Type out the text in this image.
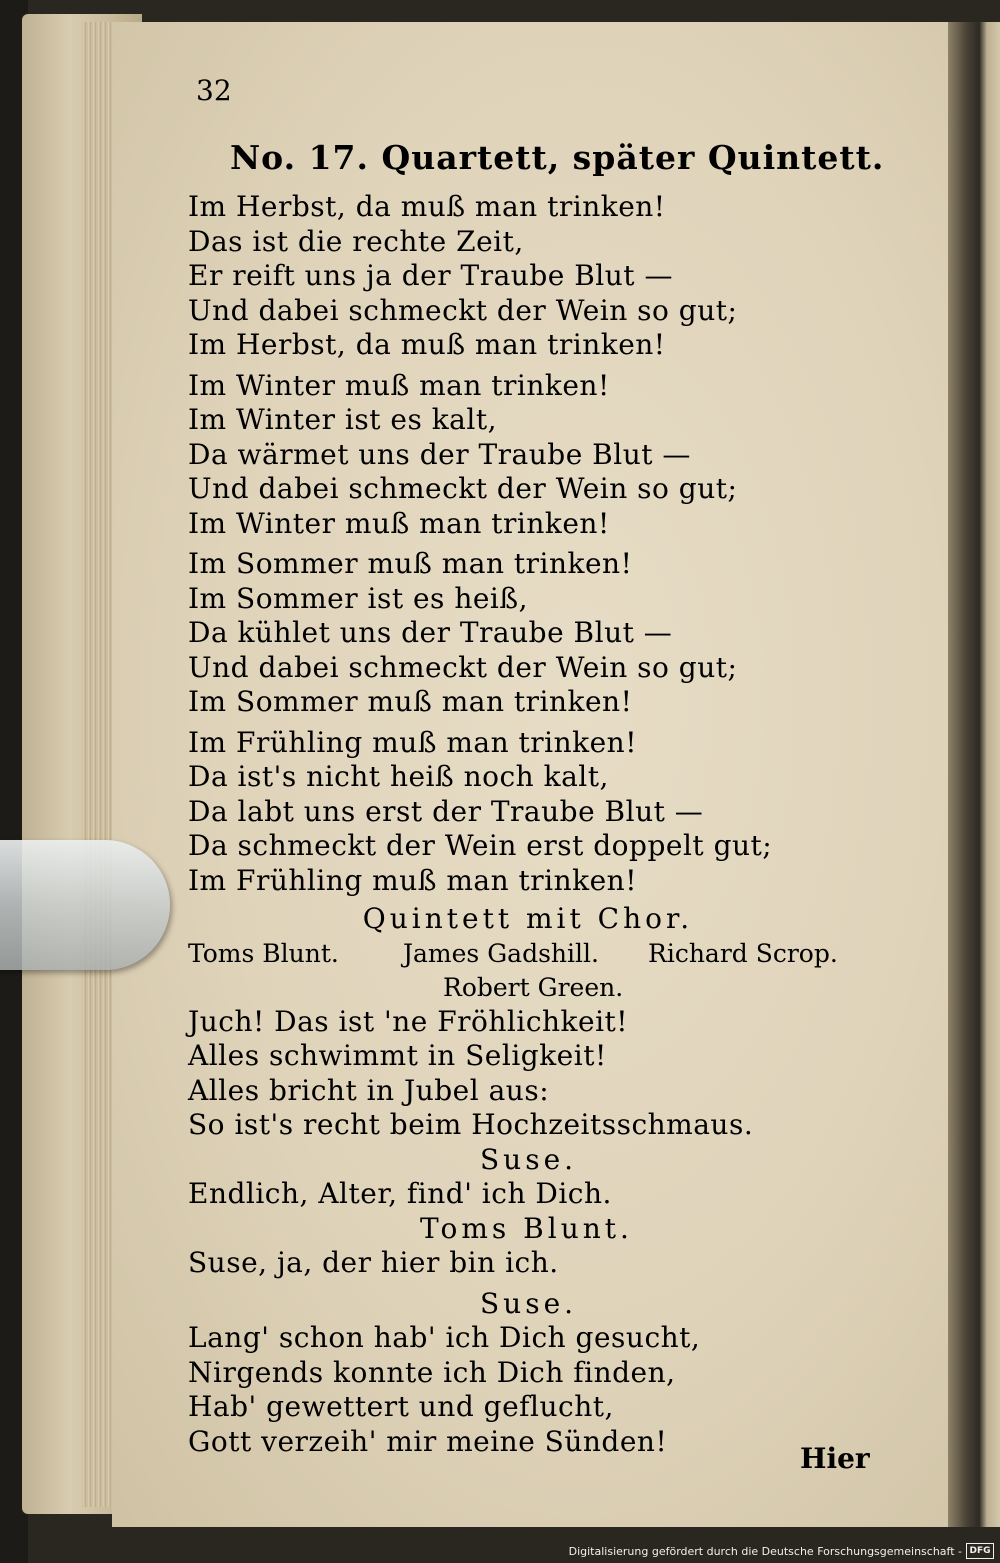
32
No. 17. Quartett, später Quintett.
Im Herbst, da muß man trinken!
Das ist die rechte Zeit,
Er reift uns ja der Traube Blut —
Und dabei schmeckt der Wein so gut;
Im Herbst, da muß man trinken!
Im Winter muß man trinken!
Im Winter ist es kalt,
Da wärmet uns der Traube Blut —
Und dabei schmeckt der Wein so gut;
Im Winter muß man trinken!
Im Sommer muß man trinken!
Im Sommer ist es heiß,
Da kühlet uns der Traube Blut —
Und dabei schmeckt der Wein so gut;
Im Sommer muß man trinken!
Im Frühling muß man trinken!
Da ist's nicht heiß noch kalt,
Da labt uns erst der Traube Blut —
Da schmeckt der Wein erst doppelt gut;
Im Frühling muß man trinken!
Quintett mit Chor.
Toms Blunt.	James Gadshill. Richard Scrop.
Robert Green.
Juch! Das ist 'ne Fröhlichkeit!
Alles schwimmt in Seligkeit!
Alles bricht in Jubel aus:
So ist's recht beim Hochzeitsschmaus.
Suse.
Endlich, Alter, find' ich Dich.
Toms Blunt.
Suse, ja, der hier bin ich.
Suse.
Lang' schon hab' ich Dich gesucht,
Nirgends konnte ich Dich finden,
Hab' gewettert und geflucht,
Gott verzeih' mir meine Sünden!
Hier
Digitalisierung gefördert durch die Deutsche Forschungsgemeinschaft - DFG
